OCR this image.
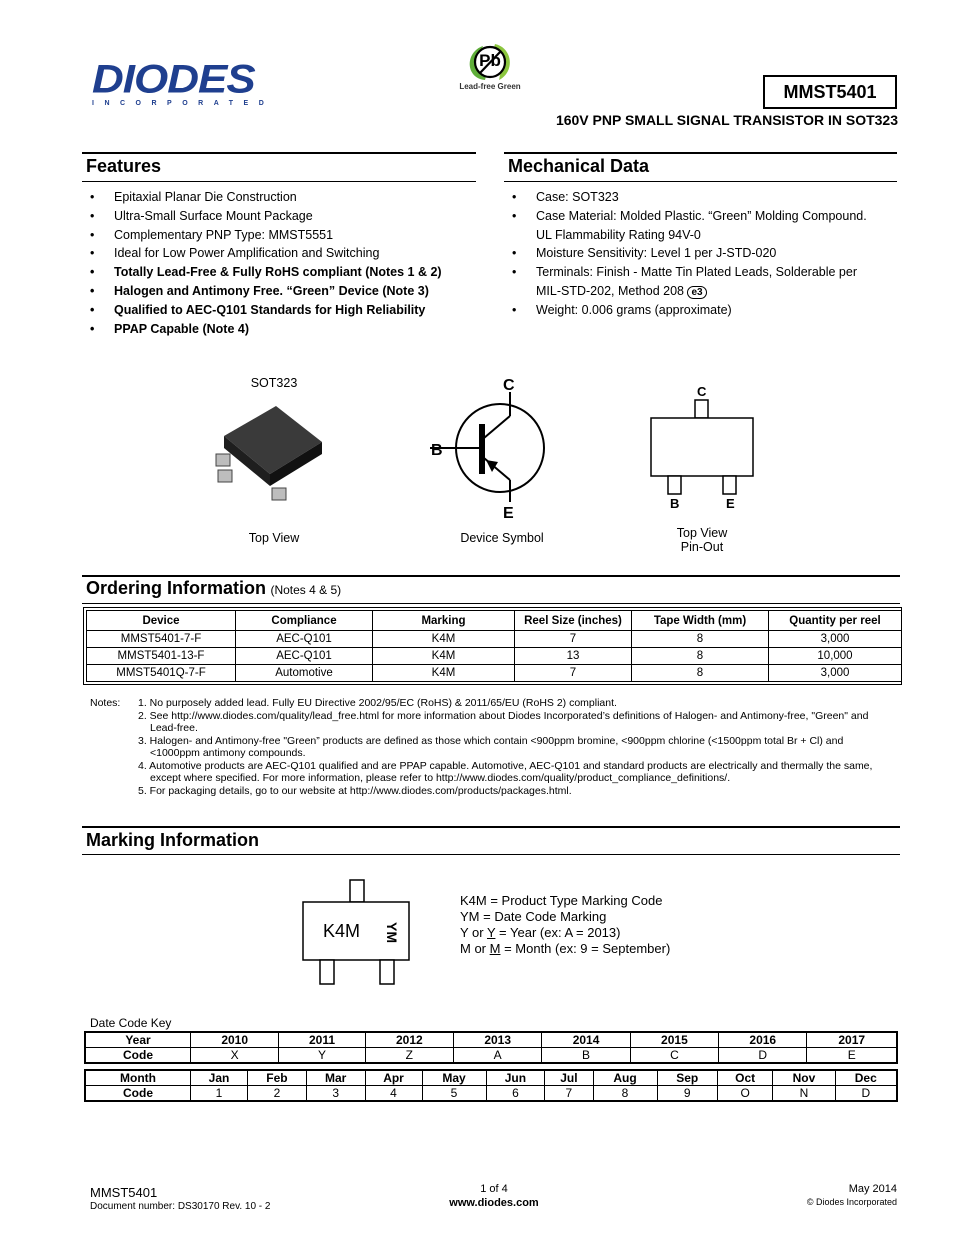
DIODES
INCORPORATED
Pb
Lead-free Green	MMST5401
160V PNP SMALL SIGNAL TRANSISTOR IN SOT323
Features
• Epitaxial Planar Die Construction
• Ultra-Small Surface Mount Package
• Complementary PNP Type: MMST5551
• Ideal for Low Power Amplification and Switching
• Totally Lead-Free & Fully RoHS compliant (Notes 1 & 2)
• Halogen and Antimony Free. “Green” Device (Note 3)
• Qualified to AEC-Q101 Standards for High Reliability
• PPAP Capable (Note 4)
Mechanical Data
• Case: SOT323
• Case Material: Molded Plastic. “Green” Molding Compound. UL Flammability Rating 94V-0
• Moisture Sensitivity: Level 1 per J-STD-020
• Terminals: Finish - Matte Tin Plated Leads, Solderable per MIL-STD-202, Method 208 e3
• Weight: 0.006 grams (approximate)
SOT323
Top View
C
B
E
Device Symbol
C
B	E
Top View
Pin-Out
Ordering Information (Notes 4 & 5)
Device	Compliance	Marking	Reel Size (inches)	Tape Width (mm)	Quantity per reel
MMST5401-7-F	AEC-Q101	K4M	7	8	3,000
MMST5401-13-F	AEC-Q101	K4M	13	8	10,000
MMST5401Q-7-F	Automotive	K4M	7	8	3,000
Notes: 1. No purposely added lead. Fully EU Directive 2002/95/EC (RoHS) & 2011/65/EU (RoHS 2) compliant.
2. See http://www.diodes.com/quality/lead_free.html for more information about Diodes Incorporated’s definitions of Halogen- and Antimony-free, "Green" and Lead-free.
3. Halogen- and Antimony-free "Green” products are defined as those which contain <900ppm bromine, <900ppm chlorine (<1500ppm total Br + Cl) and <1000ppm antimony compounds.
4. Automotive products are AEC-Q101 qualified and are PPAP capable. Automotive, AEC-Q101 and standard products are electrically and thermally the same, except where specified. For more information, please refer to http://www.diodes.com/quality/product_compliance_definitions/.
5. For packaging details, go to our website at http://www.diodes.com/products/packages.html.
Marking Information
K4M YM
K4M = Product Type Marking Code
YM = Date Code Marking
Y or Y = Year (ex: A = 2013)
M or M = Month (ex: 9 = September)
Date Code Key
Year	2010	2011	2012	2013	2014	2015	2016	2017
Code	X	Y	Z	A	B	C	D	E
Month	Jan	Feb	Mar	Apr	May	Jun	Jul	Aug	Sep	Oct	Nov	Dec
Code	1	2	3	4	5	6	7	8	9	O	N	D
MMST5401
Document number: DS30170 Rev. 10 - 2
1 of 4
www.diodes.com
May 2014
© Diodes Incorporated
